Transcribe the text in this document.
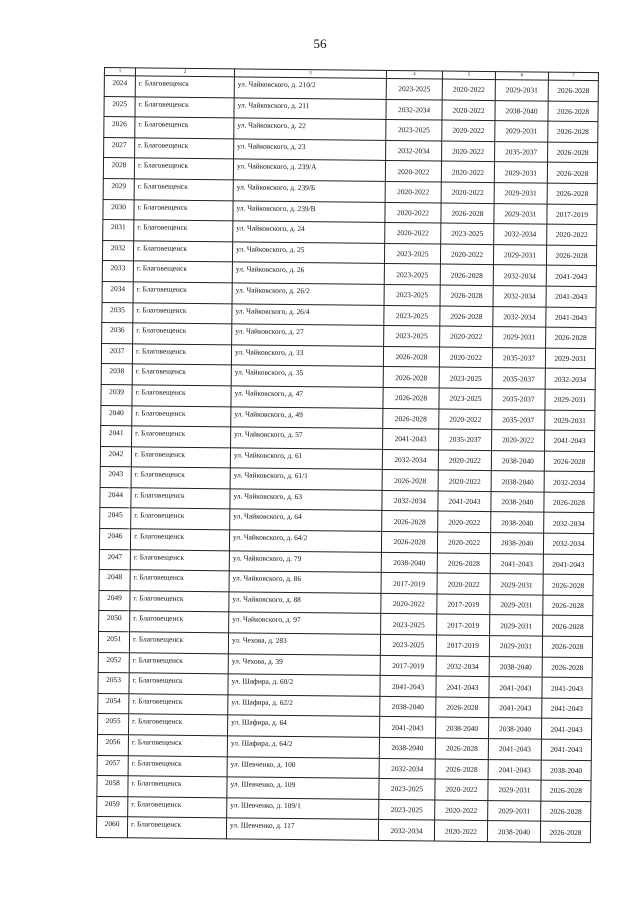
56
1	2	3	4	5	6	7
2024	г. Благовещенск	ул. Чайковского, д. 210/2	2023-2025	2020-2022	2029-2031	2026-2028
2025	г. Благовещенск	ул. Чайковского, д. 211	2032-2034	2020-2022	2038-2040	2026-2028
2026	г. Благовещенск	ул. Чайковского, д. 22	2023-2025	2020-2022	2029-2031	2026-2028
2027	г. Благовещенск	ул. Чайковского, д. 23	2032-2034	2020-2022	2035-2037	2026-2028
2028	г. Благовещенск	ул. Чайковского, д. 239/А	2020-2022	2020-2022	2029-2031	2026-2028
2029	г. Благовещенск	ул. Чайковского, д. 239/Б	2020-2022	2020-2022	2029-2031	2026-2028
2030	г. Благовещенск	ул. Чайковского, д. 239/В	2020-2022	2026-2028	2029-2031	2017-2019
2031	г. Благовещенск	ул. Чайковского, д. 24	2020-2022	2023-2025	2032-2034	2020-2022
2032	г. Благовещенск	ул. Чайковского, д. 25	2023-2025	2020-2022	2029-2031	2026-2028
2033	г. Благовещенск	ул. Чайковского, д. 26	2023-2025	2026-2028	2032-2034	2041-2043
2034	г. Благовещенск	ул. Чайковского, д. 26/2	2023-2025	2026-2028	2032-2034	2041-2043
2035	г. Благовещенск	ул. Чайковского, д. 26/4	2023-2025	2026-2028	2032-2034	2041-2043
2036	г. Благовещенск	ул. Чайковского, д. 27	2023-2025	2020-2022	2029-2031	2026-2028
2037	г. Благовещенск	ул. Чайковского, д. 33	2026-2028	2020-2022	2035-2037	2029-2031
2038	г. Благовещенск	ул. Чайковского, д. 35	2026-2028	2023-2025	2035-2037	2032-2034
2039	г. Благовещенск	ул. Чайковского, д. 47	2026-2028	2023-2025	2035-2037	2029-2031
2040	г. Благовещенск	ул. Чайковского, д. 49	2026-2028	2020-2022	2035-2037	2029-2031
2041	г. Благовещенск	ул. Чайковского, д. 57	2041-2043	2035-2037	2020-2022	2041-2043
2042	г. Благовещенск	ул. Чайковского, д. 61	2032-2034	2020-2022	2038-2040	2026-2028
2043	г. Благовещенск	ул. Чайковского, д. 61/1	2026-2028	2020-2022	2038-2040	2032-2034
2044	г. Благовещенск	ул. Чайковского, д. 63	2032-2034	2041-2043	2038-2040	2026-2028
2045	г. Благовещенск	ул. Чайковского, д. 64	2026-2028	2020-2022	2038-2040	2032-2034
2046	г. Благовещенск	ул. Чайковского, д. 64/2	2026-2028	2020-2022	2038-2040	2032-2034
2047	г. Благовещенск	ул. Чайковского, д. 79	2038-2040	2026-2028	2041-2043	2041-2043
2048	г. Благовещенск	ул. Чайковского, д. 86	2017-2019	2020-2022	2029-2031	2026-2028
2049	г. Благовещенск	ул. Чайковского, д. 88	2020-2022	2017-2019	2029-2031	2026-2028
2050	г. Благовещенск	ул. Чайковского, д. 97	2023-2025	2017-2019	2029-2031	2026-2028
2051	г. Благовещенск	ул. Чехова, д. 283	2023-2025	2017-2019	2029-2031	2026-2028
2052	г. Благовещенск	ул. Чехова, д. 39	2017-2019	2032-2034	2038-2040	2026-2028
2053	г. Благовещенск	ул. Шафира, д. 60/2	2041-2043	2041-2043	2041-2043	2041-2043
2054	г. Благовещенск	ул. Шафира, д. 62/2	2038-2040	2026-2028	2041-2043	2041-2043
2055	г. Благовещенск	ул. Шафира, д. 64	2041-2043	2038-2040	2038-2040	2041-2043
2056	г. Благовещенск	ул. Шафира, д. 64/2	2038-2040	2026-2028	2041-2043	2041-2043
2057	г. Благовещенск	ул. Шевченко, д. 100	2032-2034	2026-2028	2041-2043	2038-2040
2058	г. Благовещенск	ул. Шевченко, д. 109	2023-2025	2020-2022	2029-2031	2026-2028
2059	г. Благовещенск	ул. Шевченко, д. 109/1	2023-2025	2020-2022	2029-2031	2026-2028
2060	г. Благовещенск	ул. Шевченко, д. 117	2032-2034	2020-2022	2038-2040	2026-2028
